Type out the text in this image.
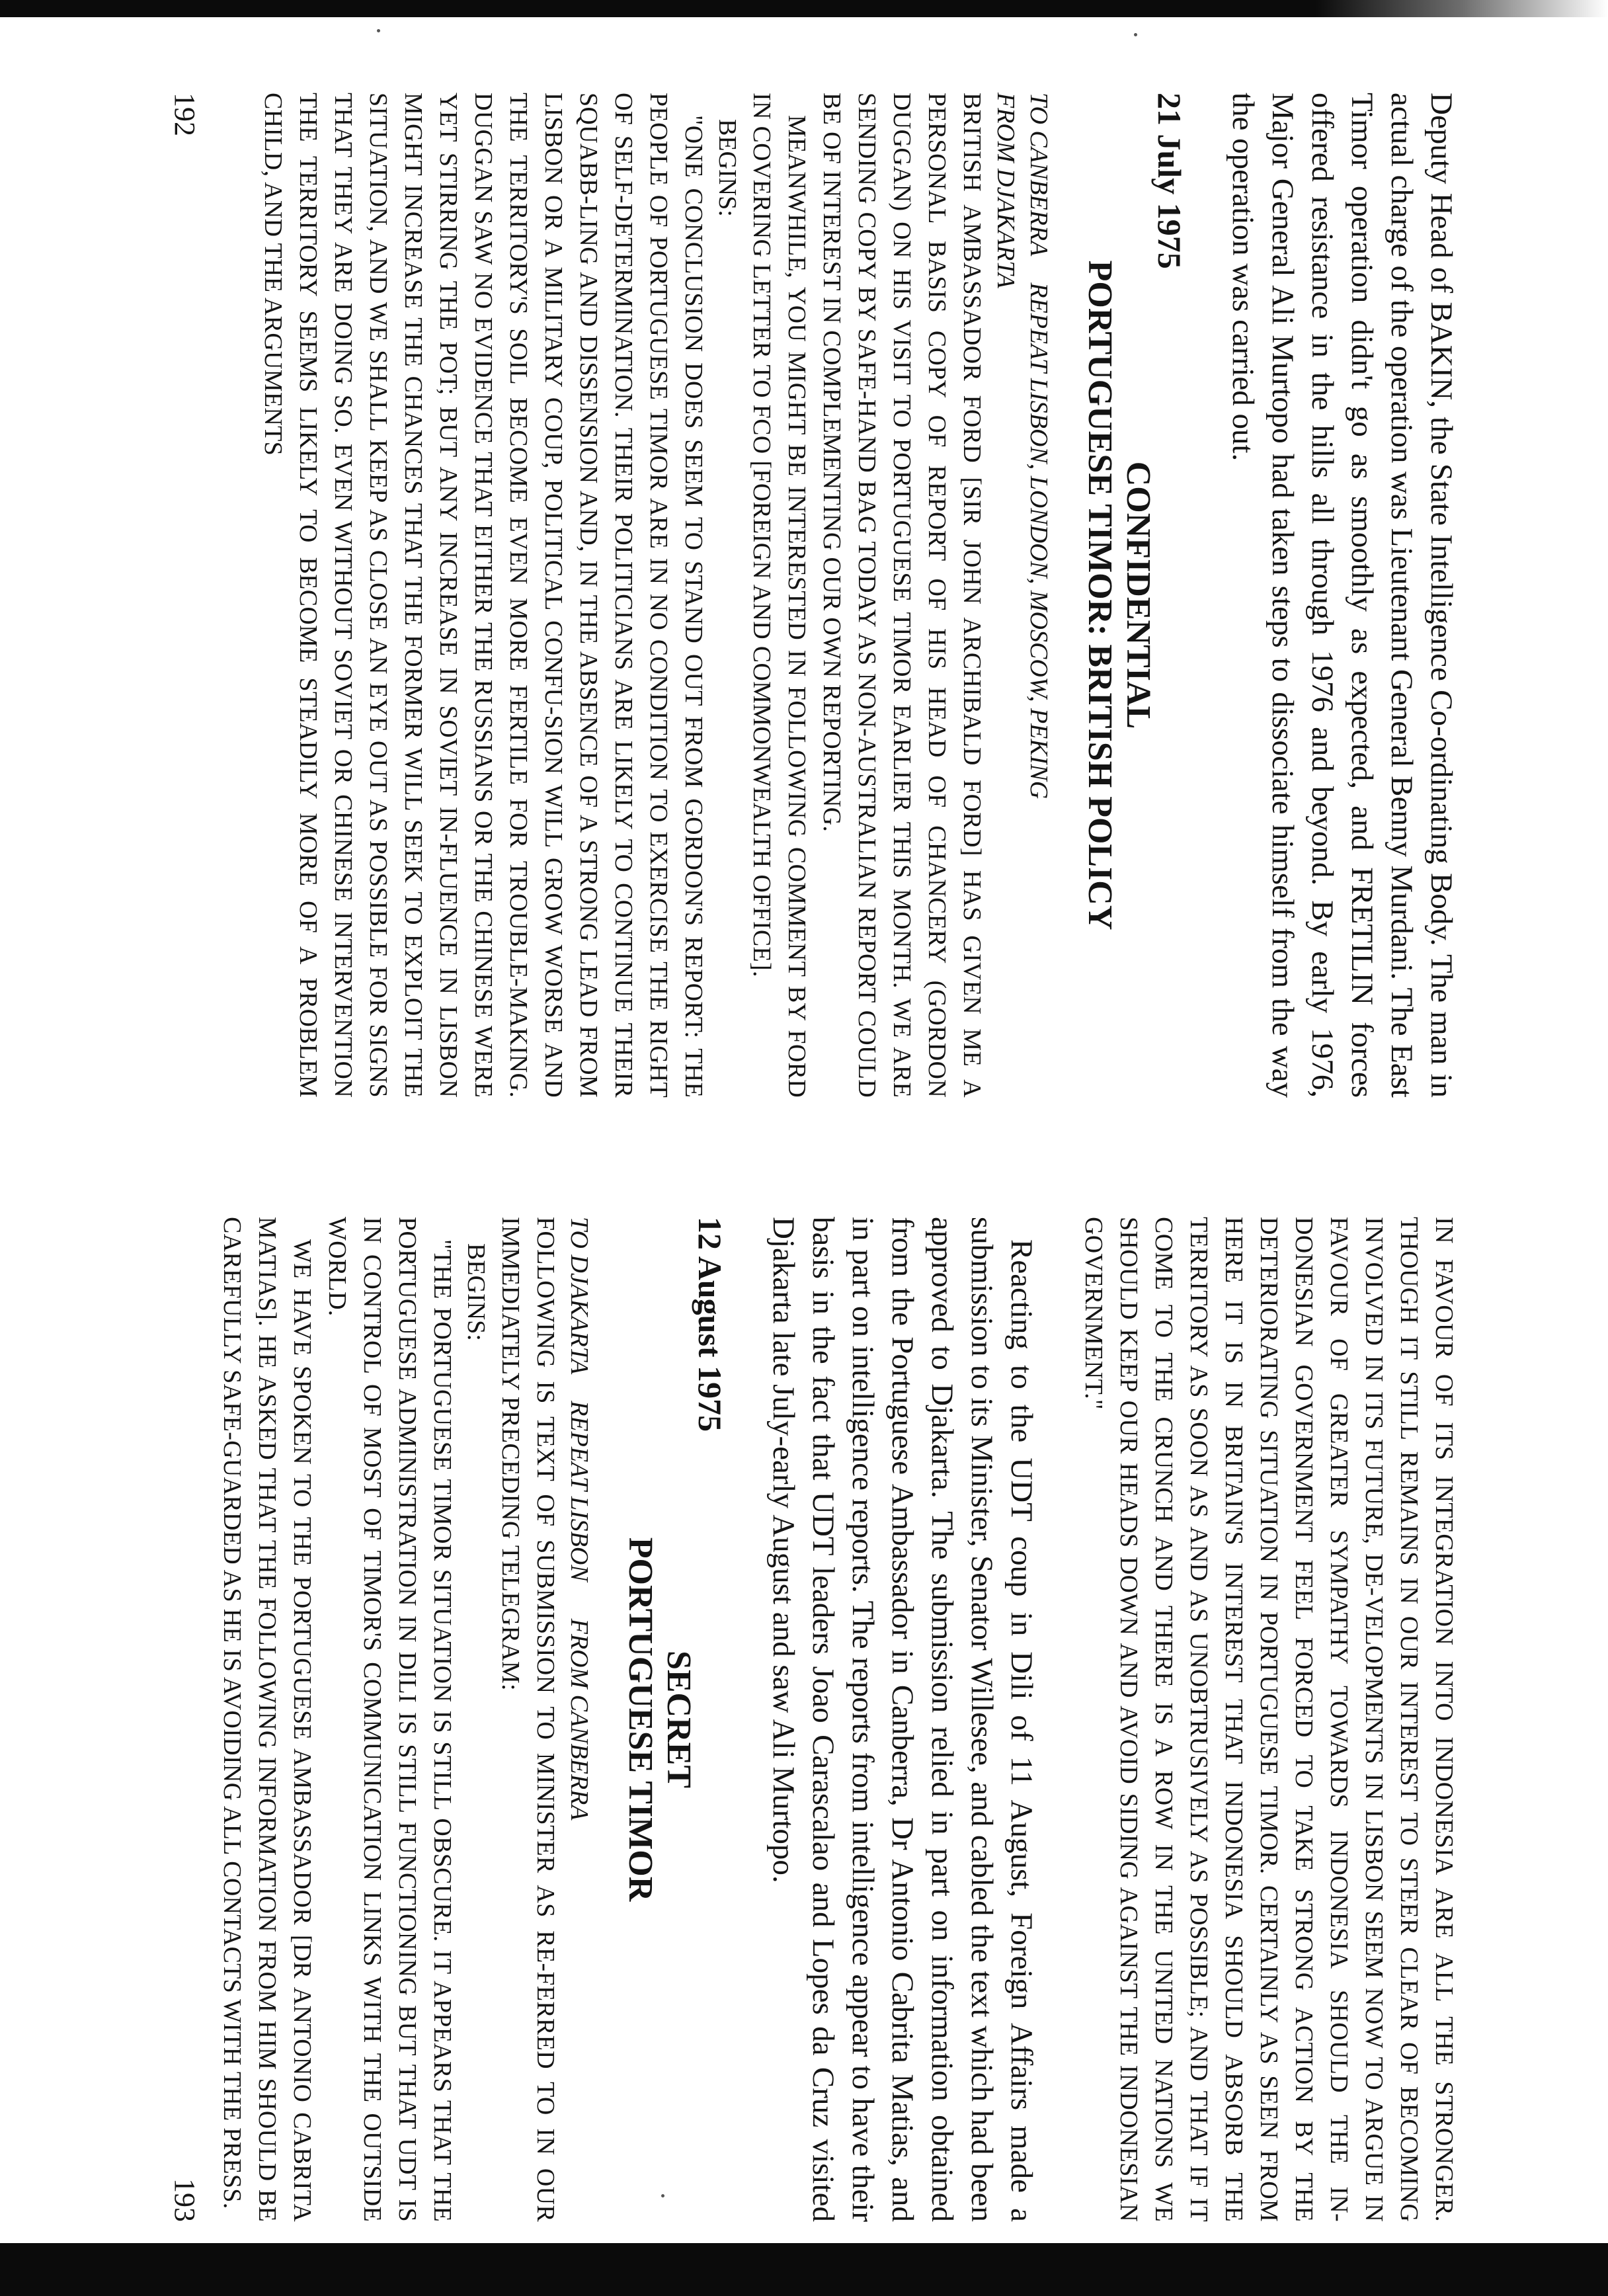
Deputy Head of BAKIN, the State Intelligence Co-ordinating Body. The man in actual charge of the operation was Lieutenant General Benny Murdani. The East Timor operation didn't go as smoothly as expected, and FRETILIN forces offered resistance in the hills all through 1976 and beyond. By early 1976, Major General Ali Murtopo had taken steps to dissociate himself from the way the operation was carried out.

21 July 1975

CONFIDENTIAL

PORTUGUESE TIMOR: BRITISH POLICY

TO CANBERRAREPEAT LISBON, LONDON, MOSCOW, PEKING
FROM DJAKARTA

BRITISH AMBASSADOR FORD [SIR JOHN ARCHIBALD FORD] HAS GIVEN ME A PERSONAL BASIS COPY OF REPORT OF HIS HEAD OF CHANCERY (GORDON DUGGAN) ON HIS VISIT TO PORTUGUESE TIMOR EARLIER THIS MONTH. WE ARE SENDING COPY BY SAFE-HAND BAG TODAY AS NON-AUSTRALIAN REPORT COULD BE OF INTEREST IN COMPLEMENTING OUR OWN REPORTING.

MEANWHILE, YOU MIGHT BE INTERESTED IN FOLLOWING COMMENT BY FORD IN COVERING LETTER TO FCO [FOREIGN AND COMMONWEALTH OFFICE].

BEGINS:

"ONE CONCLUSION DOES SEEM TO STAND OUT FROM GORDON'S REPORT: THE PEOPLE OF PORTUGUESE TIMOR ARE IN NO CONDITION TO EXERCISE THE RIGHT OF SELF-DETERMINATION. THEIR POLITICIANS ARE LIKELY TO CONTINUE THEIR SQUABB-LING AND DISSENSION AND, IN THE ABSENCE OF A STRONG LEAD FROM LISBON OR A MILITARY COUP, POLITICAL CONFU-SION WILL GROW WORSE AND THE TERRITORY'S SOIL BECOME EVEN MORE FERTILE FOR TROUBLE-MAKING. DUGGAN SAW NO EVIDENCE THAT EITHER THE RUSSIANS OR THE CHINESE WERE YET STIRRING THE POT; BUT ANY INCREASE IN SOVIET IN-FLUENCE IN LISBON MIGHT INCREASE THE CHANCES THAT THE FORMER WILL SEEK TO EXPLOIT THE SITUATION, AND WE SHALL KEEP AS CLOSE AN EYE OUT AS POSSIBLE FOR SIGNS THAT THEY ARE DOING SO. EVEN WITHOUT SOVIET OR CHINESE INTERVENTION THE TERRITORY SEEMS LIKELY TO BECOME STEADILY MORE OF A PROBLEM CHILD, AND THE ARGUMENTS

192

IN FAVOUR OF ITS INTEGRATION INTO INDONESIA ARE ALL THE STRONGER. THOUGH IT STILL REMAINS IN OUR INTEREST TO STEER CLEAR OF BECOMING INVOLVED IN ITS FUTURE, DE-VELOPMENTS IN LISBON SEEM NOW TO ARGUE IN FAVOUR OF GREATER SYMPATHY TOWARDS INDONESIA SHOULD THE IN-DONESIAN GOVERNMENT FEEL FORCED TO TAKE STRONG ACTION BY THE DETERIORATING SITUATION IN PORTUGUESE TIMOR. CERTAINLY AS SEEN FROM HERE IT IS IN BRITAIN'S INTEREST THAT INDONESIA SHOULD ABSORB THE TERRITORY AS SOON AS AND AS UNOBTRUSIVELY AS POSSIBLE; AND THAT IF IT COME TO THE CRUNCH AND THERE IS A ROW IN THE UNITED NATIONS WE SHOULD KEEP OUR HEADS DOWN AND AVOID SIDING AGAINST THE INDONESIAN GOVERNMENT."

Reacting to the UDT coup in Dili of 11 August, Foreign Affairs made a submission to its Minister, Senator Willesee, and cabled the text which had been approved to Djakarta. The submission relied in part on information obtained from the Portuguese Ambassador in Canberra, Dr Antonio Cabrita Matias, and in part on intelligence reports. The reports from intelligence appear to have their basis in the fact that UDT leaders Joao Carascalao and Lopes da Cruz visited Djakarta late July-early August and saw Ali Murtopo.

12 August 1975

SECRET

PORTUGUESE TIMOR

TO DJAKARTAREPEAT LISBONFROM CANBERRA

FOLLOWING IS TEXT OF SUBMISSION TO MINISTER AS RE-FERRED TO IN OUR IMMEDIATELY PRECEDING TELEGRAM:

BEGINS:

"THE PORTUGUESE TIMOR SITUATION IS STILL OBSCURE. IT APPEARS THAT THE PORTUGUESE ADMINISTRATION IN DILI IS STILL FUNCTIONING BUT THAT UDT IS IN CONTROL OF MOST OF TIMOR'S COMMUNICATION LINKS WITH THE OUTSIDE WORLD.

WE HAVE SPOKEN TO THE PORTUGUESE AMBASSADOR [DR ANTONIO CABRITA MATIAS]. HE ASKED THAT THE FOLLOWING INFORMATION FROM HIM SHOULD BE CAREFULLY SAFE-GUARDED AS HE IS AVOIDING ALL CONTACTS WITH THE PRESS.

193
